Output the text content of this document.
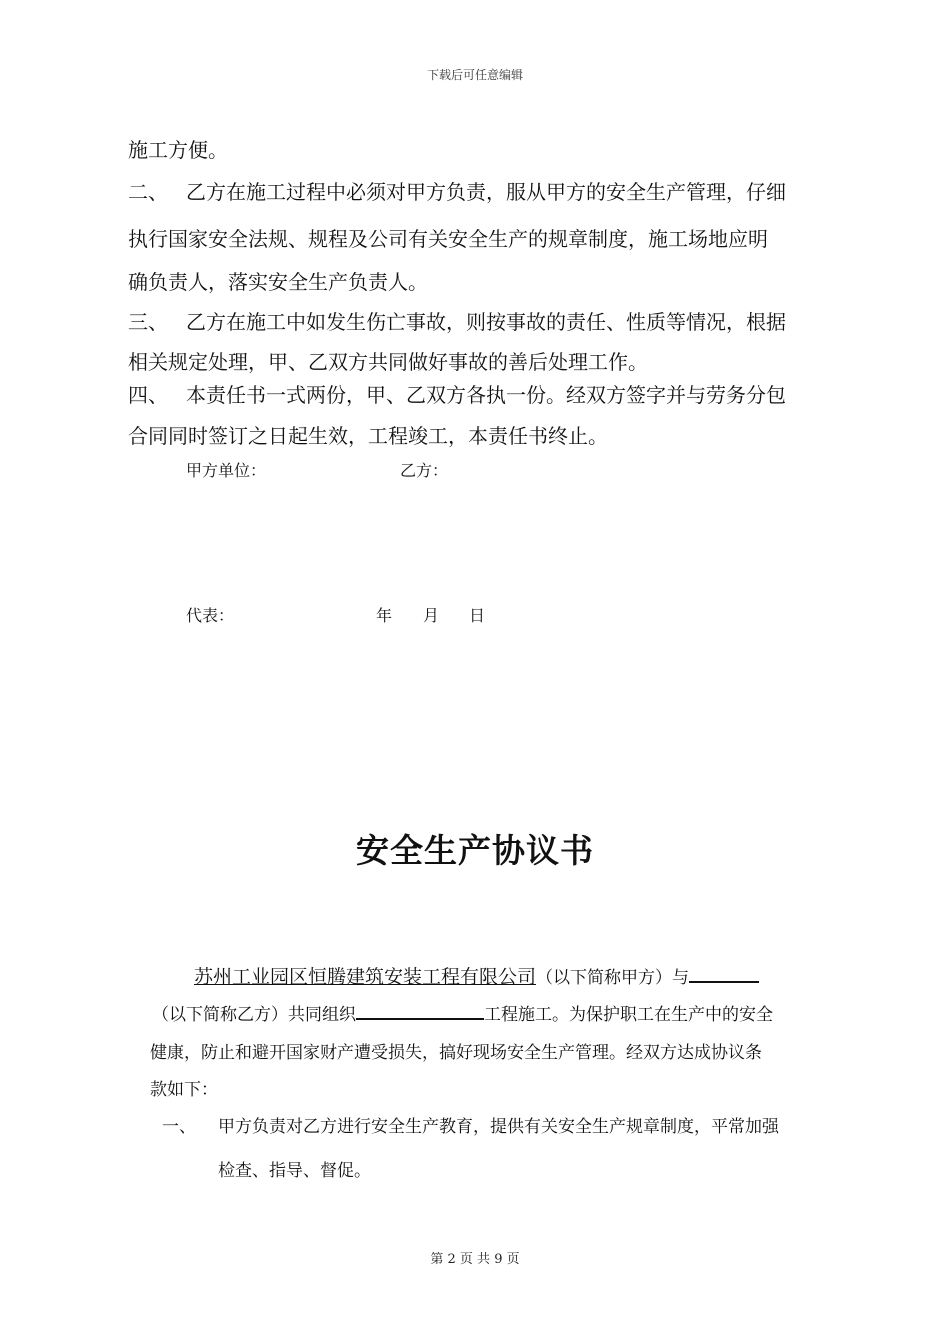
下载后可任意编辑
施工方便。
二、 乙方在施工过程中必须对甲方负责，服从甲方的安全生产管理，仔细
执行国家安全法规、规程及公司有关安全生产的规章制度，施工场地应明
确负责人，落实安全生产负责人。
三、 乙方在施工中如发生伤亡事故，则按事故的责任、性质等情况，根据
相关规定处理，甲、乙双方共同做好事故的善后处理工作。
四、 本责任书一式两份，甲、乙双方各执一份。经双方签字并与劳务分包
合同同时签订之日起生效，工程竣工，本责任书终止。
甲方单位：	乙方：
代表：	年 月 日
安全生产协议书
苏州工业园区恒腾建筑安装工程有限公司（以下简称甲方）与
（以下简称乙方）共同组织	工程施工。为保护职工在生产中的安全
健康，防止和避开国家财产遭受损失，搞好现场安全生产管理。经双方达成协议条
款如下：
一、 甲方负责对乙方进行安全生产教育，提供有关安全生产规章制度，平常加强
检查、指导、督促。
第 2 页 共 9 页
